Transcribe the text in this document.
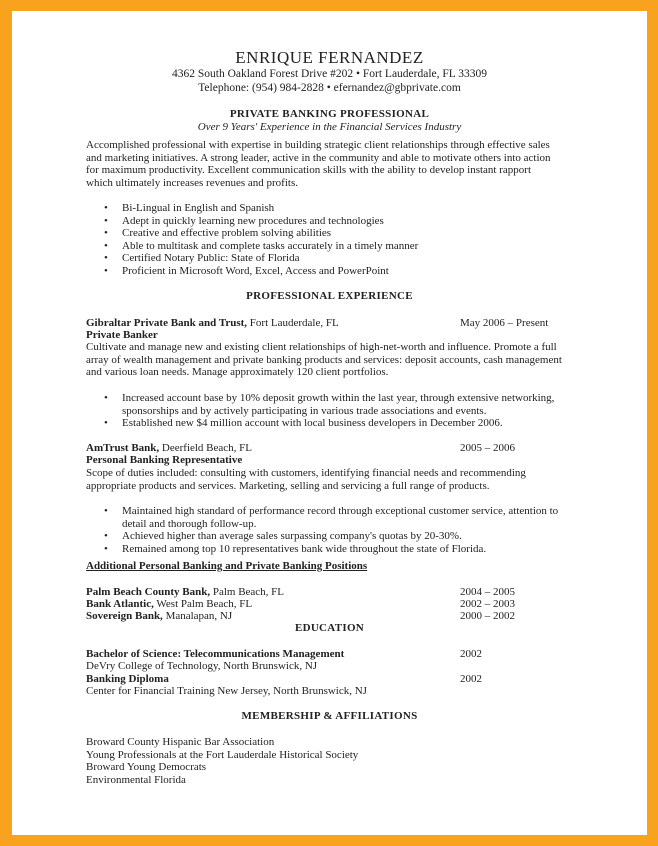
ENRIQUE FERNANDEZ
4362 South Oakland Forest Drive #202 • Fort Lauderdale, FL 33309
Telephone: (954) 984-2828 • efernandez@gbprivate.com
PRIVATE BANKING PROFESSIONAL
Over 9 Years' Experience in the Financial Services Industry
Accomplished professional with expertise in building strategic client relationships through effective sales
and marketing initiatives. A strong leader, active in the community and able to motivate others into action
for maximum productivity. Excellent communication skills with the ability to develop instant rapport
which ultimately increases revenues and profits.
• Bi-Lingual in English and Spanish
• Adept in quickly learning new procedures and technologies
• Creative and effective problem solving abilities
• Able to multitask and complete tasks accurately in a timely manner
• Certified Notary Public: State of Florida
• Proficient in Microsoft Word, Excel, Access and PowerPoint
PROFESSIONAL EXPERIENCE
Gibraltar Private Bank and Trust, Fort Lauderdale, FL	May 2006 – Present
Private Banker
Cultivate and manage new and existing client relationships of high-net-worth and influence. Promote a full
array of wealth management and private banking products and services: deposit accounts, cash management
and various loan needs. Manage approximately 120 client portfolios.
• Increased account base by 10% deposit growth within the last year, through extensive networking,
• sponsorships and by actively participating in various trade associations and events.
• Established new $4 million account with local business developers in December 2006.
AmTrust Bank, Deerfield Beach, FL	2005 – 2006
Personal Banking Representative
Scope of duties included: consulting with customers, identifying financial needs and recommending
appropriate products and services. Marketing, selling and servicing a full range of products.
• Maintained high standard of performance record through exceptional customer service, attention to
• detail and thorough follow-up.
• Achieved higher than average sales surpassing company's quotas by 20-30%.
• Remained among top 10 representatives bank wide throughout the state of Florida.
Additional Personal Banking and Private Banking Positions
Palm Beach County Bank, Palm Beach, FL	2004 – 2005
Bank Atlantic, West Palm Beach, FL	2002 – 2003
Sovereign Bank, Manalapan, NJ	2000 – 2002
EDUCATION
Bachelor of Science: Telecommunications Management	2002
DeVry College of Technology, North Brunswick, NJ
Banking Diploma	2002
Center for Financial Training New Jersey, North Brunswick, NJ
MEMBERSHIP & AFFILIATIONS
Broward County Hispanic Bar Association
Young Professionals at the Fort Lauderdale Historical Society
Broward Young Democrats
Environmental Florida
